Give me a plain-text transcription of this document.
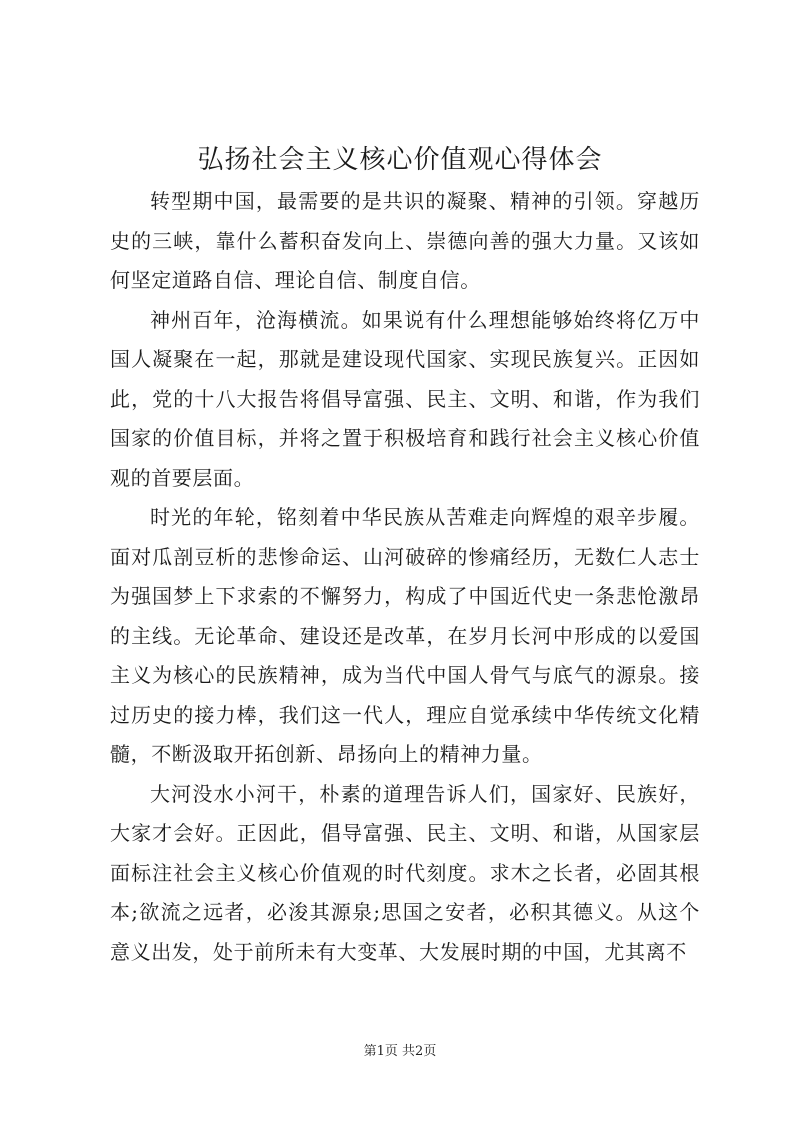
弘扬社会主义核心价值观心得体会

转型期中国，最需要的是共识的凝聚、精神的引领。穿越历史的三峡，靠什么蓄积奋发向上、崇德向善的强大力量。又该如何坚定道路自信、理论自信、制度自信。

神州百年，沧海横流。如果说有什么理想能够始终将亿万中国人凝聚在一起，那就是建设现代国家、实现民族复兴。正因如此，党的十八大报告将倡导富强、民主、文明、和谐，作为我们国家的价值目标，并将之置于积极培育和践行社会主义核心价值观的首要层面。

时光的年轮，铭刻着中华民族从苦难走向辉煌的艰辛步履。面对瓜剖豆析的悲惨命运、山河破碎的惨痛经历，无数仁人志士为强国梦上下求索的不懈努力，构成了中国近代史一条悲怆激昂的主线。无论革命、建设还是改革，在岁月长河中形成的以爱国主义为核心的民族精神，成为当代中国人骨气与底气的源泉。接过历史的接力棒，我们这一代人，理应自觉承续中华传统文化精髓，不断汲取开拓创新、昂扬向上的精神力量。

大河没水小河干，朴素的道理告诉人们，国家好、民族好，大家才会好。正因此，倡导富强、民主、文明、和谐，从国家层面标注社会主义核心价值观的时代刻度。求木之长者，必固其根本;欲流之远者，必浚其源泉;思国之安者，必积其德义。从这个意义出发，处于前所未有大变革、大发展时期的中国，尤其离不

第1页 共2页
